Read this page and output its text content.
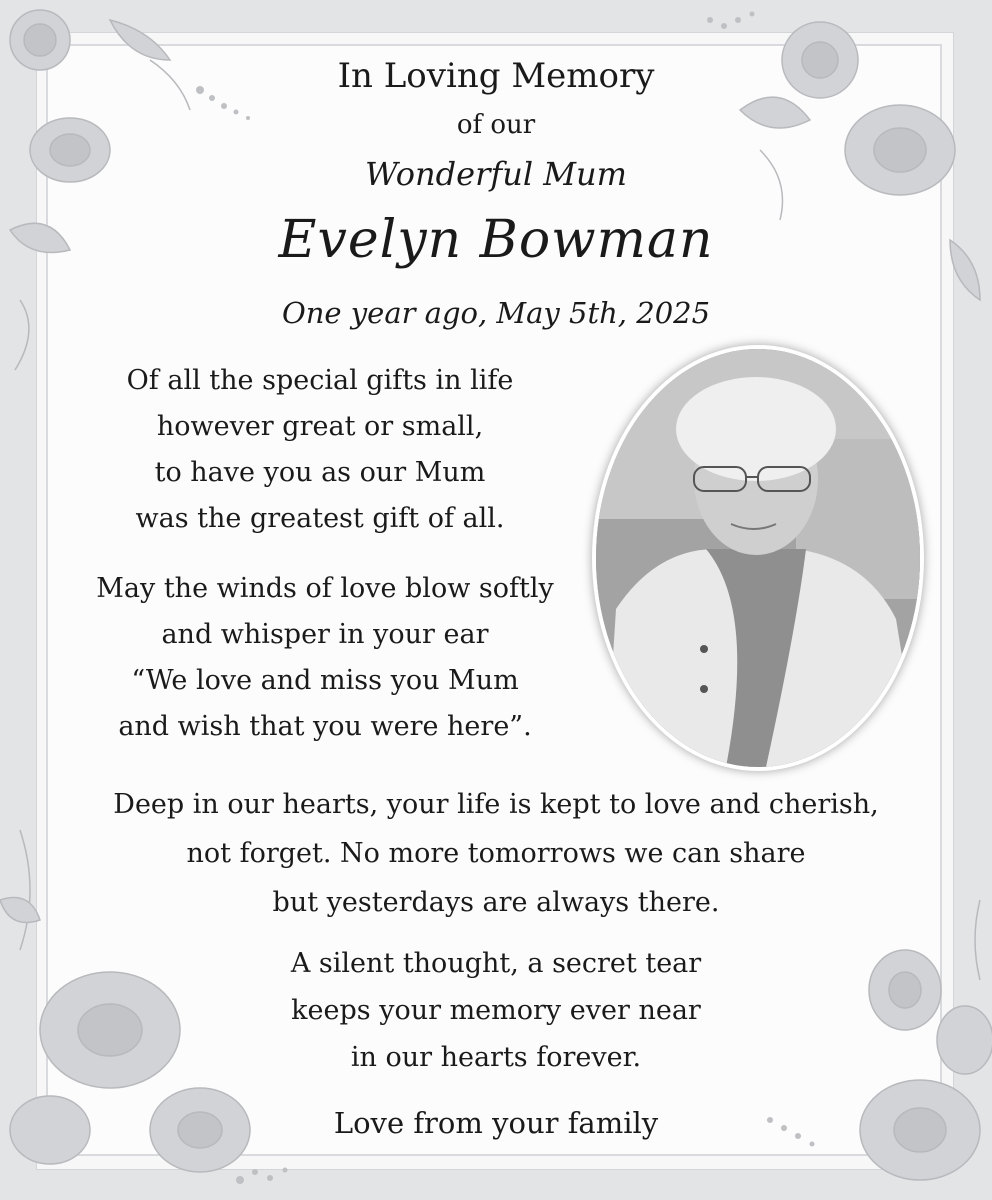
In Loving Memory
of our
Wonderful Mum
Evelyn Bowman
One year ago, May 5th, 2025
Of all the special gifts in life
however great or small,
to have you as our Mum
was the greatest gift of all.
May the winds of love blow softly
and whisper in your ear
“We love and miss you Mum
and wish that you were here”.
Deep in our hearts, your life is kept to love and cherish,
not forget. No more tomorrows we can share
but yesterdays are always there.
A silent thought, a secret tear
keeps your memory ever near
in our hearts forever.
Love from your family
